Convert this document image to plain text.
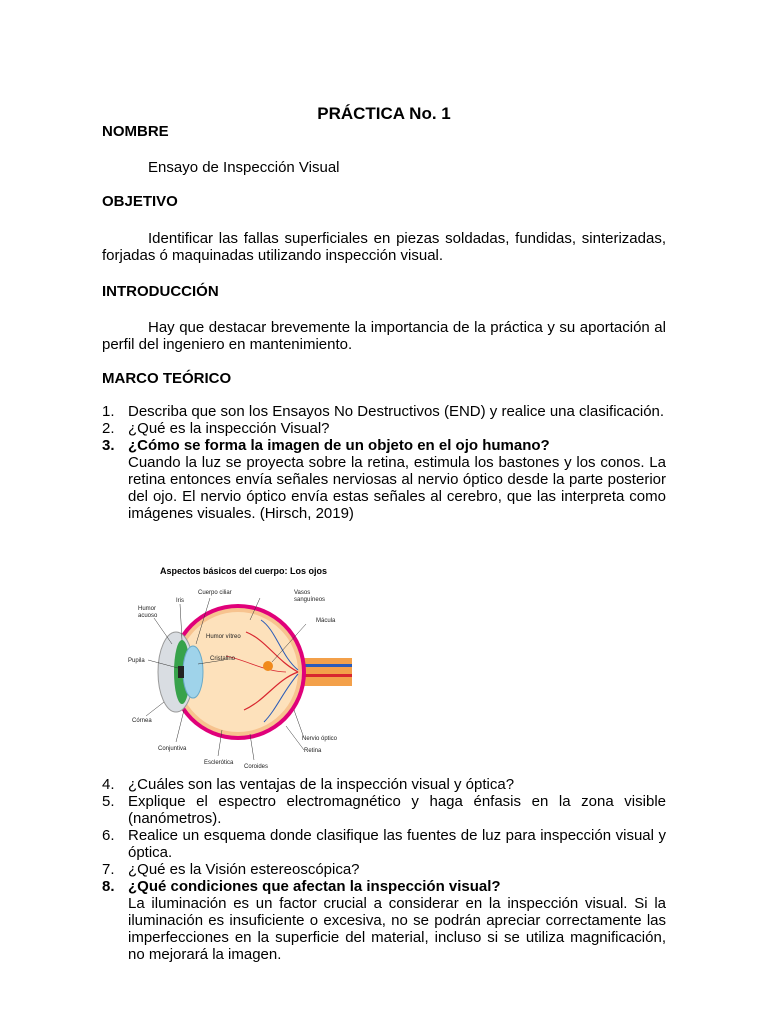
PRÁCTICA No. 1
NOMBRE
Ensayo de Inspección Visual
OBJETIVO
Identificar las fallas superficiales en piezas soldadas, fundidas, sinterizadas, forjadas ó maquinadas utilizando inspección visual.
INTRODUCCIÓN
Hay que destacar brevemente la importancia de la práctica y su aportación al perfil del ingeniero en mantenimiento.
MARCO TEÓRICO
1. Describa que son los Ensayos No Destructivos (END) y realice una clasificación.
2. ¿Qué es la inspección Visual?
3. ¿Cómo se forma la imagen de un objeto en el ojo humano?
Cuando la luz se proyecta sobre la retina, estimula los bastones y los conos. La retina entonces envía señales nerviosas al nervio óptico desde la parte posterior del ojo. El nervio óptico envía estas señales al cerebro, que las interpreta como imágenes visuales. (Hirsch, 2019)
Aspectos básicos del cuerpo: Los ojos
Cuerpo ciliar
Iris
Humor
acuoso
Vasos
sanguíneos
Mácula
Humor vítreo
Cristalino
Pupila
Córnea
Conjuntiva
Esclerótica
Coroides
Nervio óptico
Retina
4. ¿Cuáles son las ventajas de la inspección visual y óptica?
5. Explique el espectro electromagnético y haga énfasis en la zona visible (nanómetros).
6. Realice un esquema donde clasifique las fuentes de luz para inspección visual y óptica.
7. ¿Qué es la Visión estereoscópica?
8. ¿Qué condiciones que afectan la inspección visual?
La iluminación es un factor crucial a considerar en la inspección visual. Si la iluminación es insuficiente o excesiva, no se podrán apreciar correctamente las imperfecciones en la superficie del material, incluso si se utiliza magnificación, no mejorará la imagen.
